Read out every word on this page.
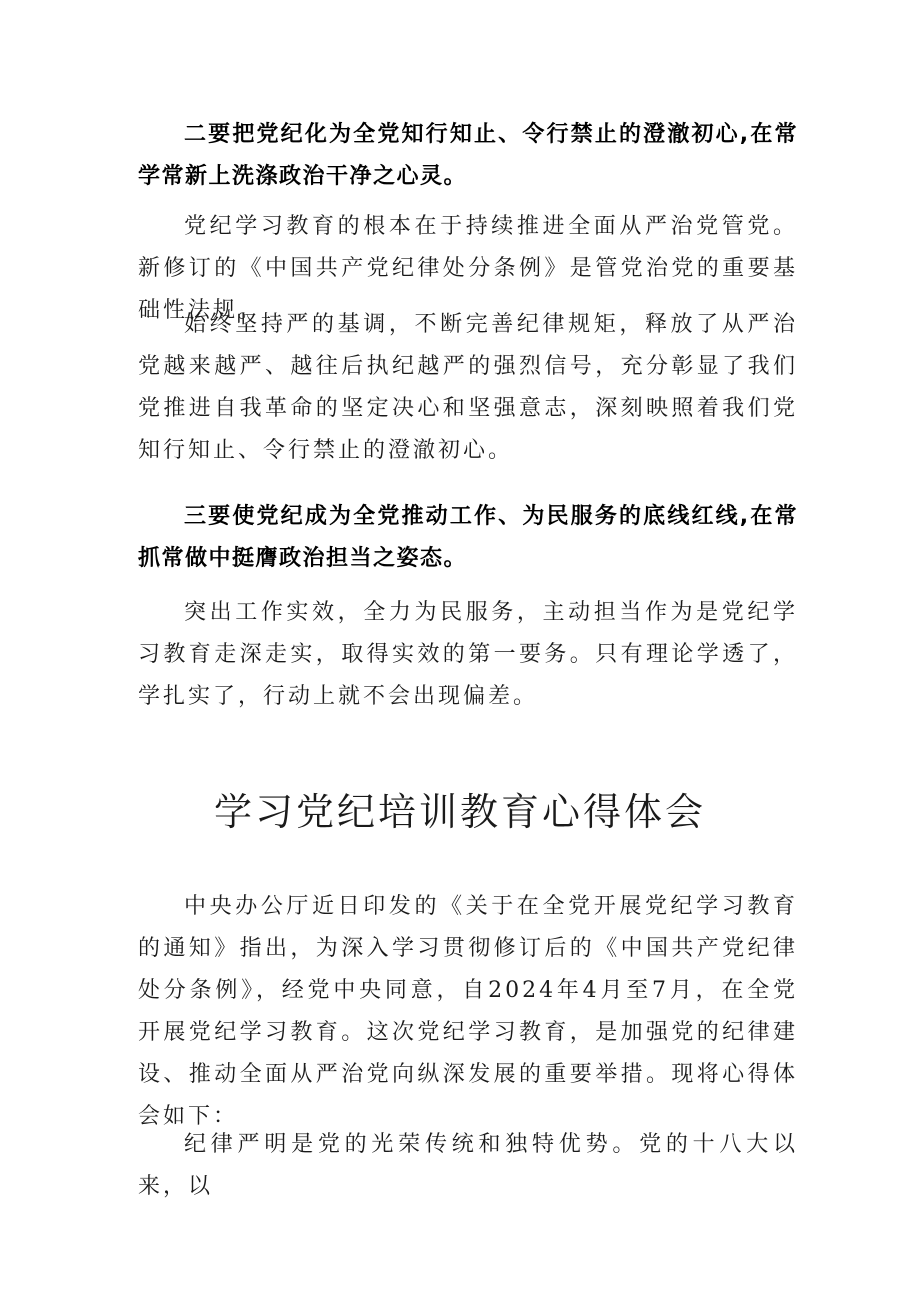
二要把党纪化为全党知行知止、令行禁止的澄澈初心,在常学常新上洗涤政治干净之心灵。

党纪学习教育的根本在于持续推进全面从严治党管党。新修订的《中国共产党纪律处分条例》是管党治党的重要基础性法规。

始终坚持严的基调，不断完善纪律规矩，释放了从严治党越来越严、越往后执纪越严的强烈信号，充分彰显了我们党推进自我革命的坚定决心和坚强意志，深刻映照着我们党知行知止、令行禁止的澄澈初心。

三要使党纪成为全党推动工作、为民服务的底线红线,在常抓常做中挺膺政治担当之姿态。

突出工作实效，全力为民服务，主动担当作为是党纪学习教育走深走实，取得实效的第一要务。只有理论学透了，学扎实了，行动上就不会出现偏差。

学习党纪培训教育心得体会

中央办公厅近日印发的《关于在全党开展党纪学习教育的通知》指出，为深入学习贯彻修订后的《中国共产党纪律处分条例》，经党中央同意，自2024年4月至7月，在全党开展党纪学习教育。这次党纪学习教育，是加强党的纪律建设、推动全面从严治党向纵深发展的重要举措。现将心得体会如下：

纪律严明是党的光荣传统和独特优势。党的十八大以来，以
